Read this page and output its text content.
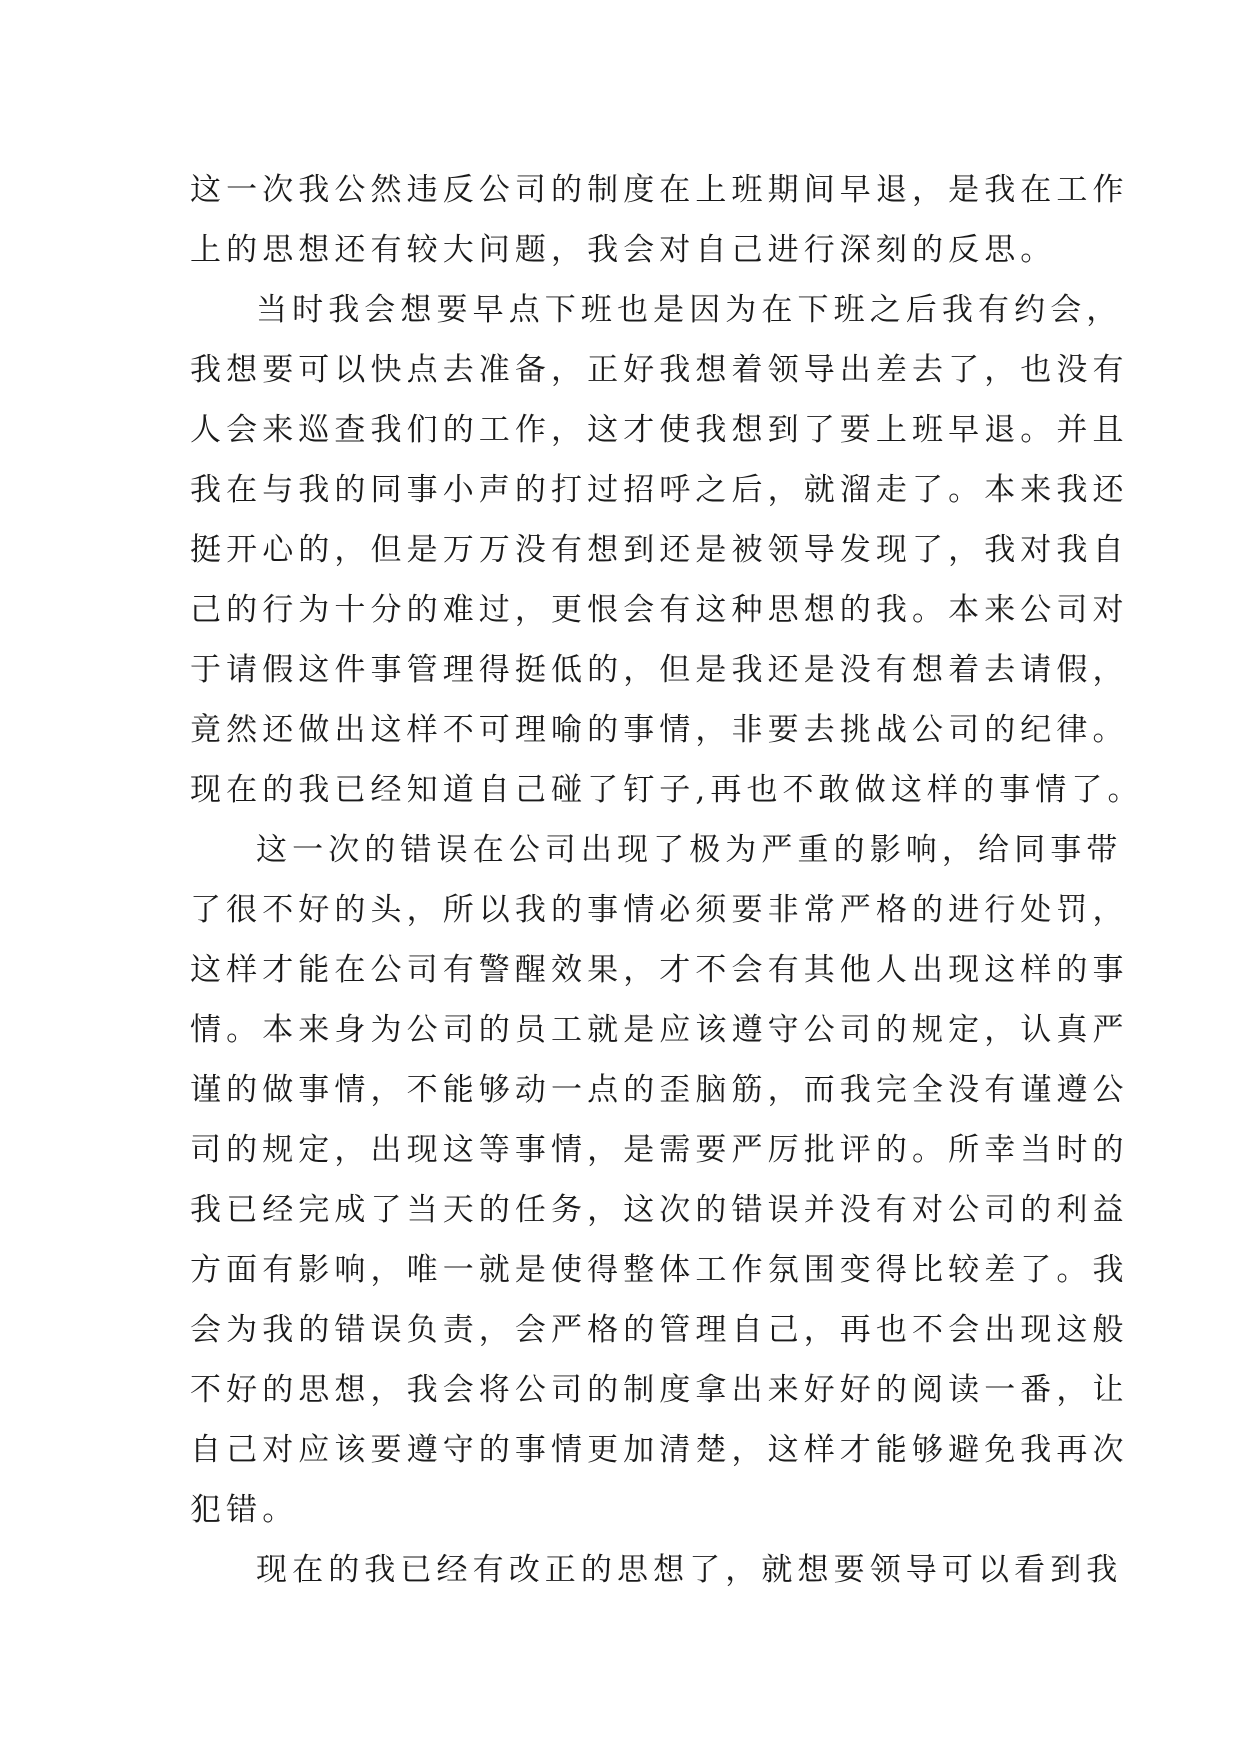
这一次我公然违反公司的制度在上班期间早退，是我在工作
上的思想还有较大问题，我会对自己进行深刻的反思。
当时我会想要早点下班也是因为在下班之后我有约会，
我想要可以快点去准备，正好我想着领导出差去了，也没有
人会来巡查我们的工作，这才使我想到了要上班早退。并且
我在与我的同事小声的打过招呼之后，就溜走了。本来我还
挺开心的，但是万万没有想到还是被领导发现了，我对我自
己的行为十分的难过，更恨会有这种思想的我。本来公司对
于请假这件事管理得挺低的，但是我还是没有想着去请假，
竟然还做出这样不可理喻的事情，非要去挑战公司的纪律。
现在的我已经知道自己碰了钉子,再也不敢做这样的事情了。
这一次的错误在公司出现了极为严重的影响，给同事带
了很不好的头，所以我的事情必须要非常严格的进行处罚，
这样才能在公司有警醒效果，才不会有其他人出现这样的事
情。本来身为公司的员工就是应该遵守公司的规定，认真严
谨的做事情，不能够动一点的歪脑筋，而我完全没有谨遵公
司的规定，出现这等事情，是需要严厉批评的。所幸当时的
我已经完成了当天的任务，这次的错误并没有对公司的利益
方面有影响，唯一就是使得整体工作氛围变得比较差了。我
会为我的错误负责，会严格的管理自己，再也不会出现这般
不好的思想，我会将公司的制度拿出来好好的阅读一番，让
自己对应该要遵守的事情更加清楚，这样才能够避免我再次
犯错。
现在的我已经有改正的思想了，就想要领导可以看到我
